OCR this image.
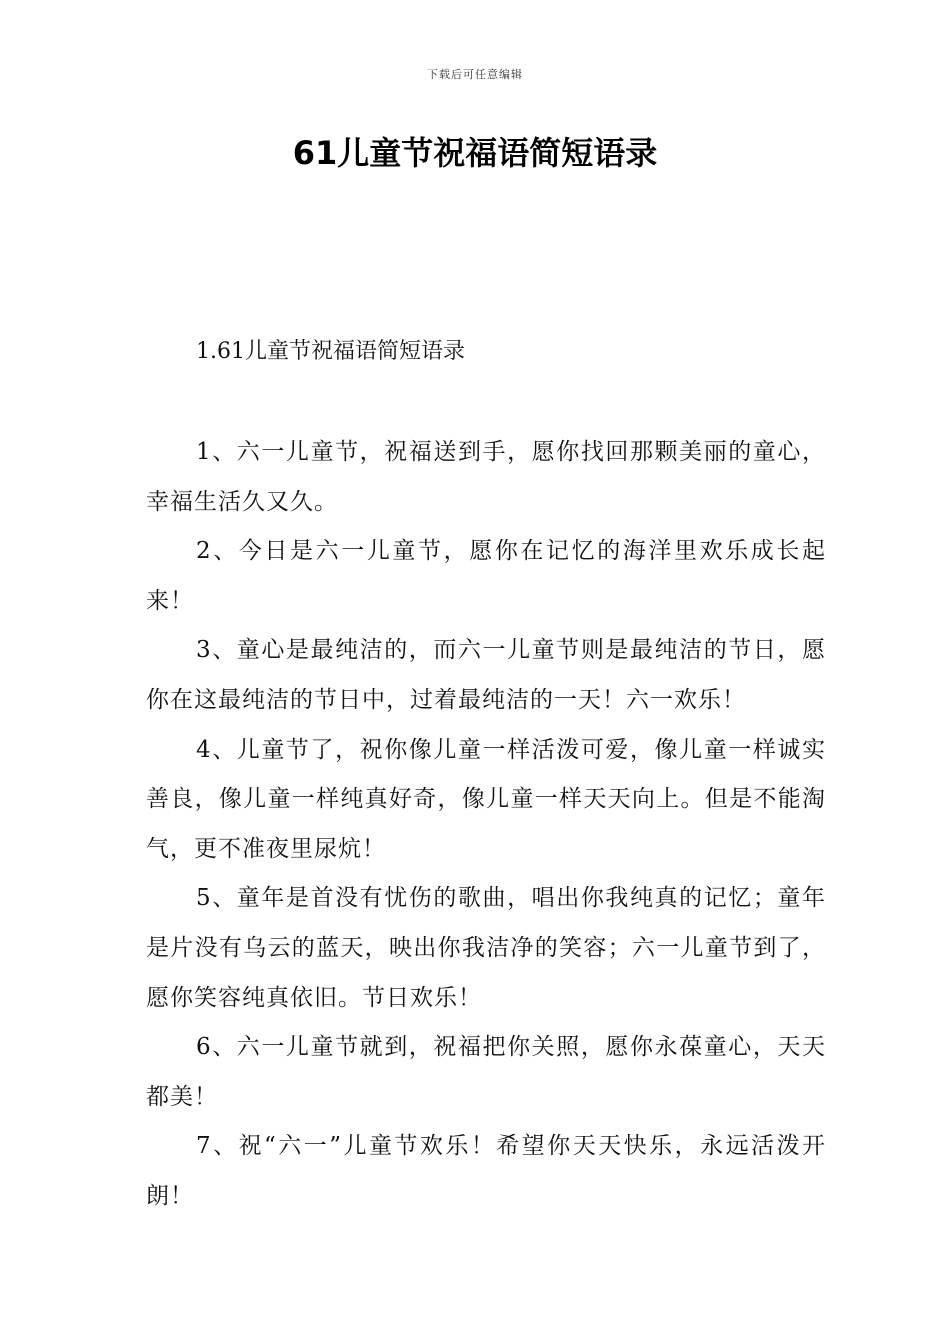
下载后可任意编辑
61儿童节祝福语简短语录
1.61儿童节祝福语简短语录

1、六一儿童节，祝福送到手，愿你找回那颗美丽的童心，幸福生活久又久。

2、今日是六一儿童节，愿你在记忆的海洋里欢乐成长起来！

3、童心是最纯洁的，而六一儿童节则是最纯洁的节日，愿你在这最纯洁的节日中，过着最纯洁的一天！六一欢乐！

4、儿童节了，祝你像儿童一样活泼可爱，像儿童一样诚实善良，像儿童一样纯真好奇，像儿童一样天天向上。但是不能淘气，更不准夜里尿炕！

5、童年是首没有忧伤的歌曲，唱出你我纯真的记忆；童年是片没有乌云的蓝天，映出你我洁净的笑容；六一儿童节到了，愿你笑容纯真依旧。节日欢乐！

6、六一儿童节就到，祝福把你关照，愿你永葆童心，天天都美！

7、祝“六一”儿童节欢乐！希望你天天快乐，永远活泼开朗！
